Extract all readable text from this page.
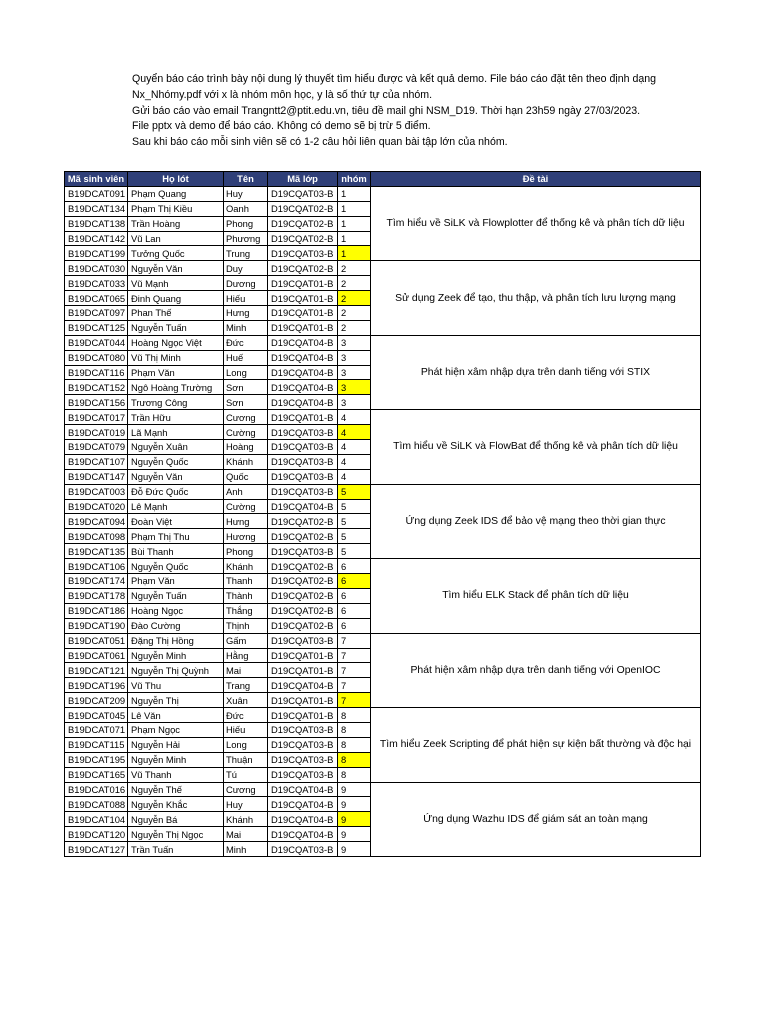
Quyển báo cáo trình bày nội dung lý thuyết tìm hiểu được và kết quả demo. File báo cáo đặt tên theo định dạng
Nx_Nhómy.pdf với x là nhóm môn học, y là số thứ tự của nhóm.
Gửi báo cáo vào email Trangntt2@ptit.edu.vn, tiêu đề mail ghi NSM_D19. Thời hạn 23h59 ngày 27/03/2023.
File pptx và demo để báo cáo. Không có demo sẽ bị trừ 5 điểm.
Sau khi báo cáo mỗi sinh viên sẽ có 1-2 câu hỏi liên quan bài tập lớn của nhóm.
Mã sinh viên	Họ lót	Tên	Mã lớp	nhóm	Đề tài
B19DCAT091	Phạm Quang	Huy	D19CQAT03-B	1	Tìm hiểu về SiLK và Flowplotter để thống kê và phân tích dữ liệu
B19DCAT134	Phạm Thị Kiều	Oanh	D19CQAT02-B	1	
B19DCAT138	Trần Hoàng	Phong	D19CQAT02-B	1	
B19DCAT142	Vũ Lan	Phương	D19CQAT02-B	1	
B19DCAT199	Tưởng Quốc	Trung	D19CQAT03-B	1	
B19DCAT030	Nguyễn Văn	Duy	D19CQAT02-B	2	Sử dụng Zeek để tạo, thu thập, và phân tích lưu lượng mạng
B19DCAT033	Vũ Mạnh	Dương	D19CQAT01-B	2	
B19DCAT065	Đinh Quang	Hiếu	D19CQAT01-B	2	
B19DCAT097	Phan Thế	Hưng	D19CQAT01-B	2	
B19DCAT125	Nguyễn Tuấn	Minh	D19CQAT01-B	2	
B19DCAT044	Hoàng Ngọc Việt	Đức	D19CQAT04-B	3	Phát hiện xâm nhập dựa trên danh tiếng với STIX
B19DCAT080	Vũ Thị Minh	Huế	D19CQAT04-B	3	
B19DCAT116	Phạm Văn	Long	D19CQAT04-B	3	
B19DCAT152	Ngô Hoàng Trường	Sơn	D19CQAT04-B	3	
B19DCAT156	Trương Công	Sơn	D19CQAT04-B	3	
B19DCAT017	Trần Hữu	Cương	D19CQAT01-B	4	Tìm hiểu về SiLK và FlowBat để thống kê và phân tích dữ liệu
B19DCAT019	Lã Mạnh	Cường	D19CQAT03-B	4	
B19DCAT079	Nguyễn Xuân	Hoàng	D19CQAT03-B	4	
B19DCAT107	Nguyễn Quốc	Khánh	D19CQAT03-B	4	
B19DCAT147	Nguyễn Văn	Quốc	D19CQAT03-B	4	
B19DCAT003	Đỗ Đức Quốc	Anh	D19CQAT03-B	5	Ứng dụng Zeek IDS để bảo vệ mạng theo thời gian thực
B19DCAT020	Lê Mạnh	Cường	D19CQAT04-B	5	
B19DCAT094	Đoàn Việt	Hưng	D19CQAT02-B	5	
B19DCAT098	Phạm Thị Thu	Hương	D19CQAT02-B	5	
B19DCAT135	Bùi Thanh	Phong	D19CQAT03-B	5	
B19DCAT106	Nguyễn Quốc	Khánh	D19CQAT02-B	6	Tìm hiểu ELK Stack để phân tích dữ liệu
B19DCAT174	Phạm Văn	Thanh	D19CQAT02-B	6	
B19DCAT178	Nguyễn Tuấn	Thành	D19CQAT02-B	6	
B19DCAT186	Hoàng Ngọc	Thắng	D19CQAT02-B	6	
B19DCAT190	Đào Cường	Thịnh	D19CQAT02-B	6	
B19DCAT051	Đặng Thị Hồng	Gấm	D19CQAT03-B	7	Phát hiện xâm nhập dựa trên danh tiếng với OpenIOC
B19DCAT061	Nguyễn Minh	Hằng	D19CQAT01-B	7	
B19DCAT121	Nguyễn Thị Quỳnh	Mai	D19CQAT01-B	7	
B19DCAT196	Vũ Thu	Trang	D19CQAT04-B	7	
B19DCAT209	Nguyễn Thị	Xuân	D19CQAT01-B	7	
B19DCAT045	Lê Văn	Đức	D19CQAT01-B	8	Tìm hiểu Zeek Scripting để phát hiện sự kiện bất thường và độc hại
B19DCAT071	Phạm Ngọc	Hiếu	D19CQAT03-B	8	
B19DCAT115	Nguyễn Hải	Long	D19CQAT03-B	8	
B19DCAT195	Nguyễn Minh	Thuận	D19CQAT03-B	8	
B19DCAT165	Vũ Thanh	Tú	D19CQAT03-B	8	
B19DCAT016	Nguyễn Thế	Cương	D19CQAT04-B	9	Ứng dụng Wazhu IDS để giám sát an toàn mạng
B19DCAT088	Nguyễn Khắc	Huy	D19CQAT04-B	9	
B19DCAT104	Nguyễn Bá	Khánh	D19CQAT04-B	9	
B19DCAT120	Nguyễn Thị Ngọc	Mai	D19CQAT04-B	9	
B19DCAT127	Trần Tuấn	Minh	D19CQAT03-B	9	
